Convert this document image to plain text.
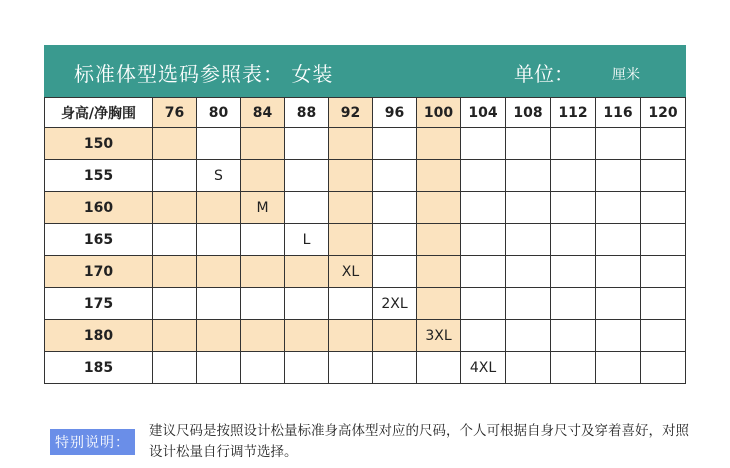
标准体型选码参照表： 女装	单位：	厘米
身高/净胸围	76	80	84	88	92	96	100	104	108	112	116	120
150												
155		S										
160			M									
165				L								
170					XL							
175						2XL						
180							3XL					
185								4XL				
特别说明：
建议尺码是按照设计松量标准身高体型对应的尺码，个人可根据自身尺寸及穿着喜好，对照设计松量自行调节选择。
